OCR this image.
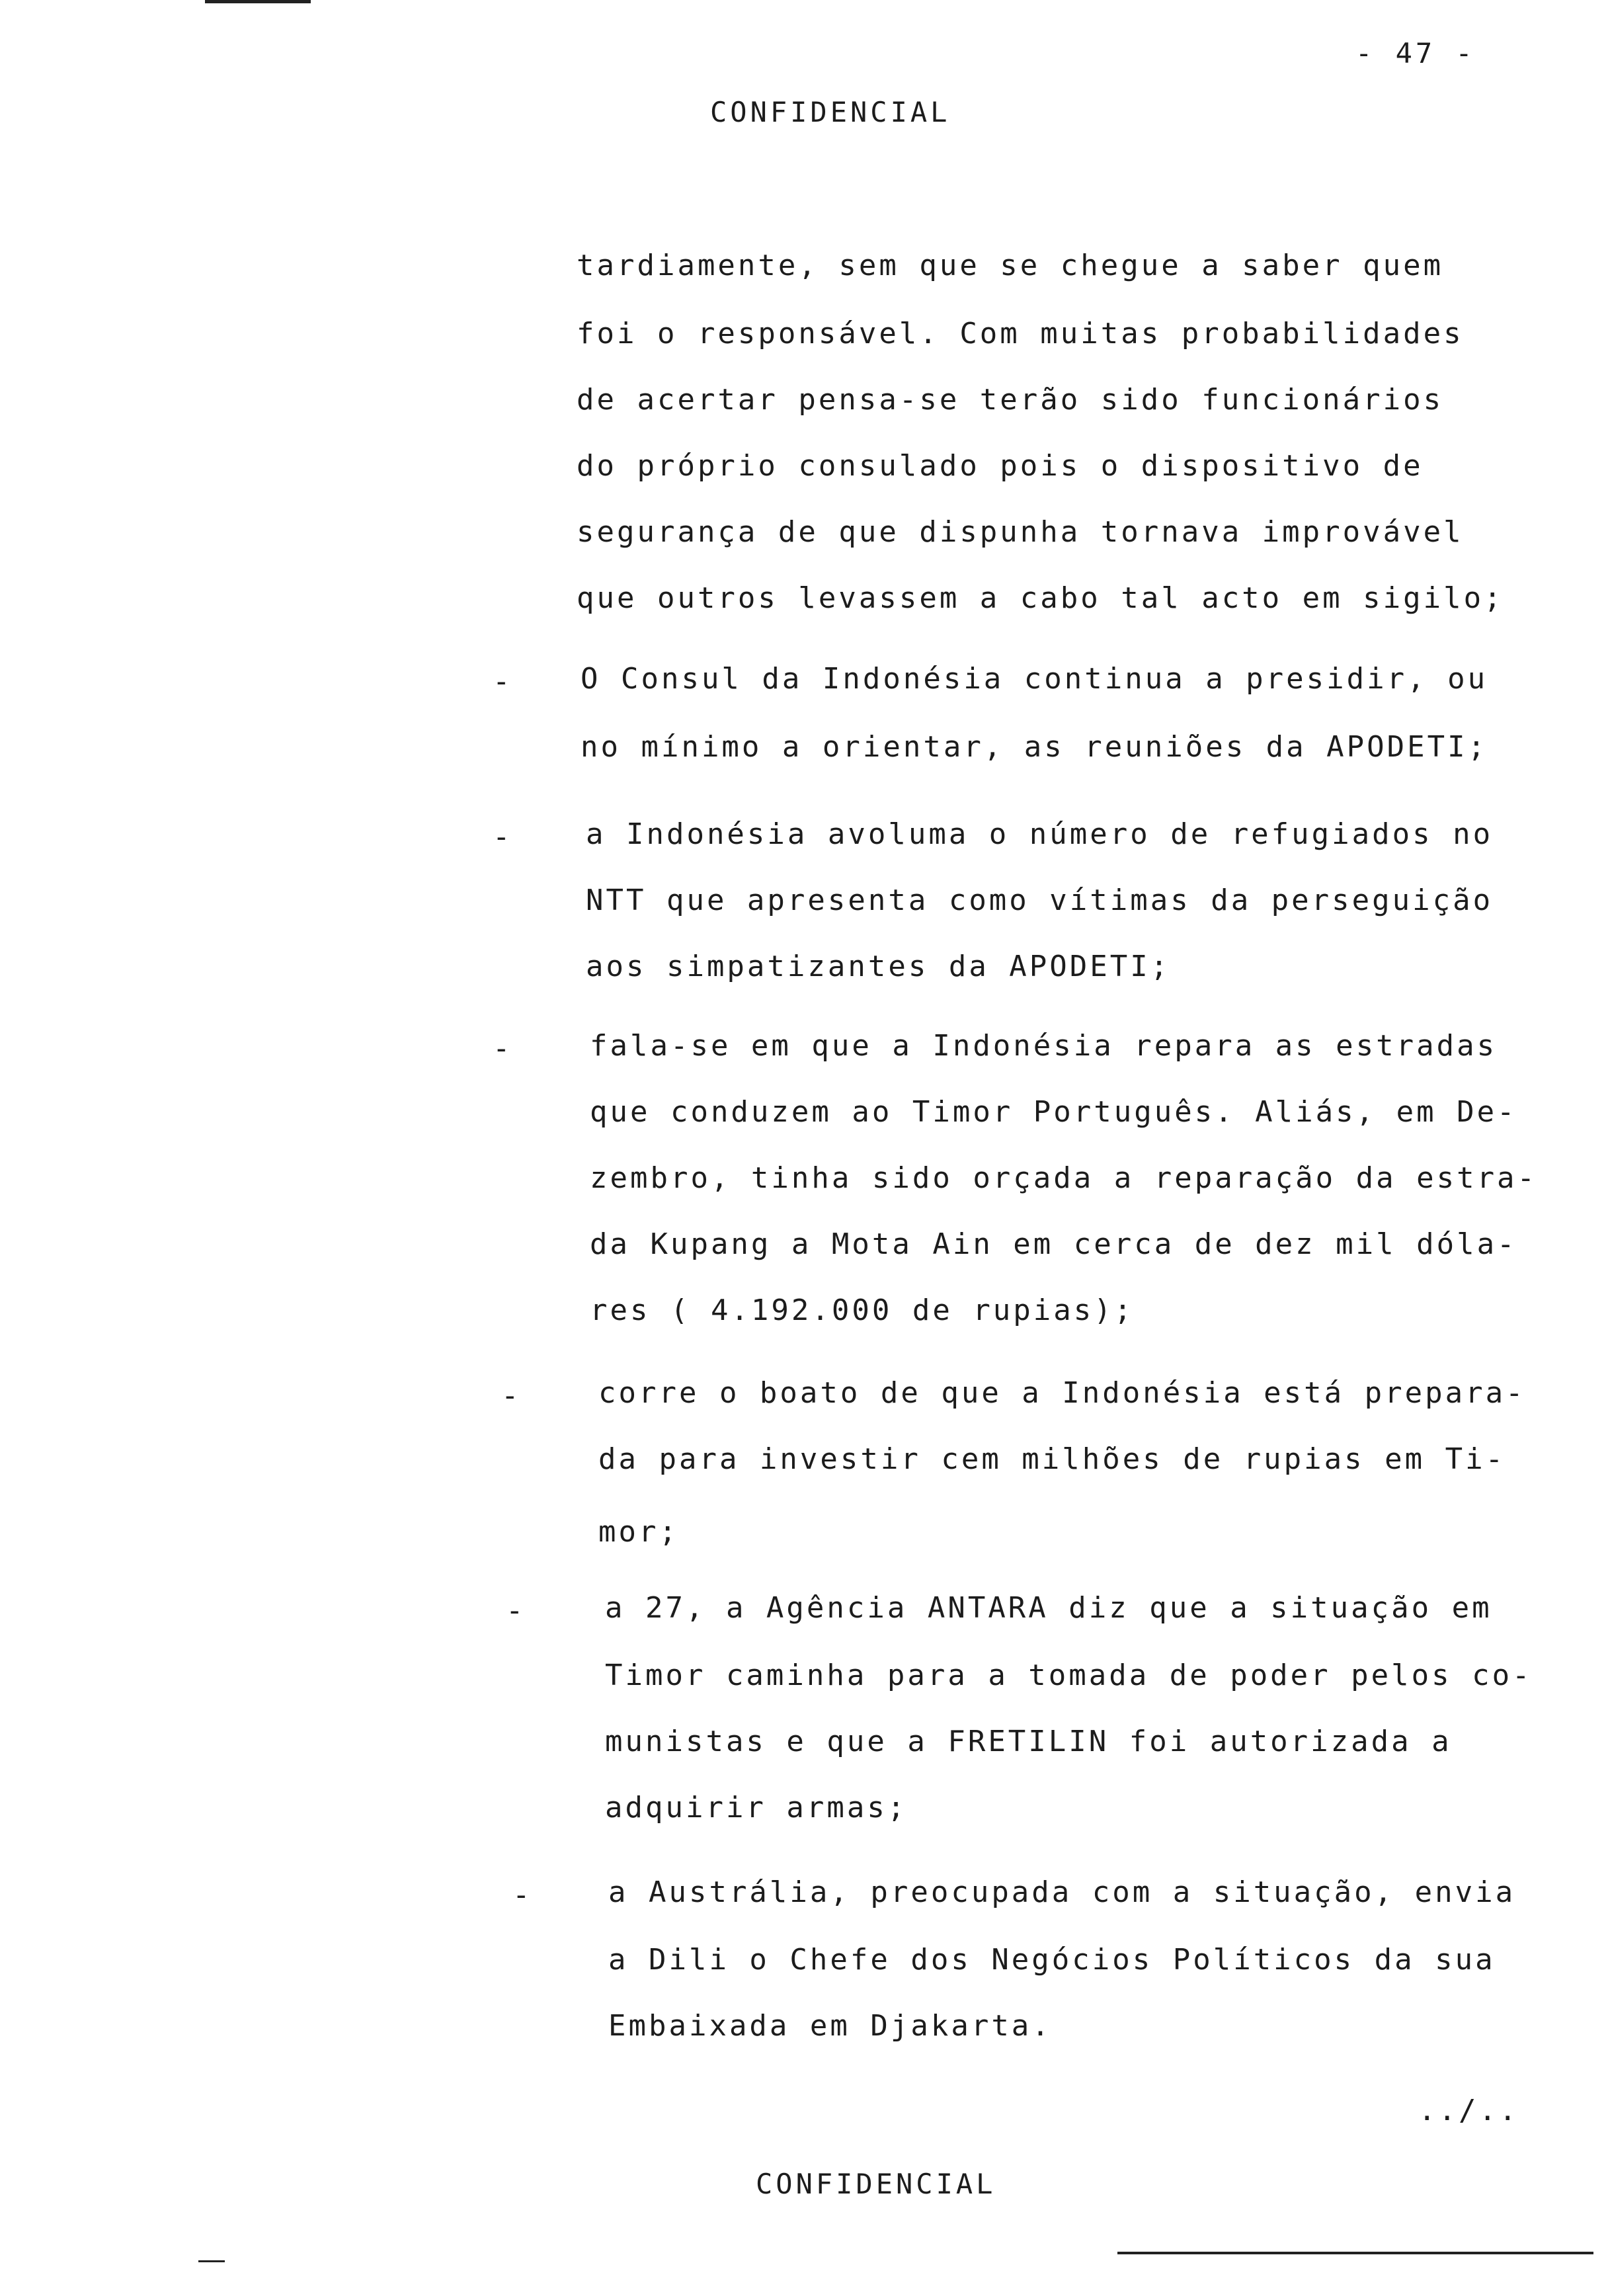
- 47 -
CONFIDENCIAL
tardiamente, sem que se chegue a saber quem
foi o responsável. Com muitas probabilidades
de acertar pensa-se terão sido funcionários
do próprio consulado pois o dispositivo de
segurança de que dispunha tornava improvável
que outros levassem a cabo tal acto em sigilo;
- O Consul da Indonésia continua a presidir, ou
no mínimo a orientar, as reuniões da APODETI;
-	a Indonésia avoluma o número de refugiados no
NTT que apresenta como vítimas da perseguição
aos simpatizantes da APODETI;
-	fala-se em que a Indonésia repara as estradas
que conduzem ao Timor Português. Aliás, em De-
zembro, tinha sido orçada a reparação da estra-
da Kupang a Mota Ain em cerca de dez mil dóla-
res ( 4.192.000 de rupias);
-	corre o boato de que a Indonésia está prepara-
da para investir cem milhões de rupias em Ti-
mor;
-	a 27, a Agência ANTARA diz que a situação em
Timor caminha para a tomada de poder pelos co-
munistas e que a FRETILIN foi autorizada a
adquirir armas;
-	a Austrália, preocupada com a situação, envia
a Dili o Chefe dos Negócios Políticos da sua
Embaixada em Djakarta.
../..
CONFIDENCIAL
